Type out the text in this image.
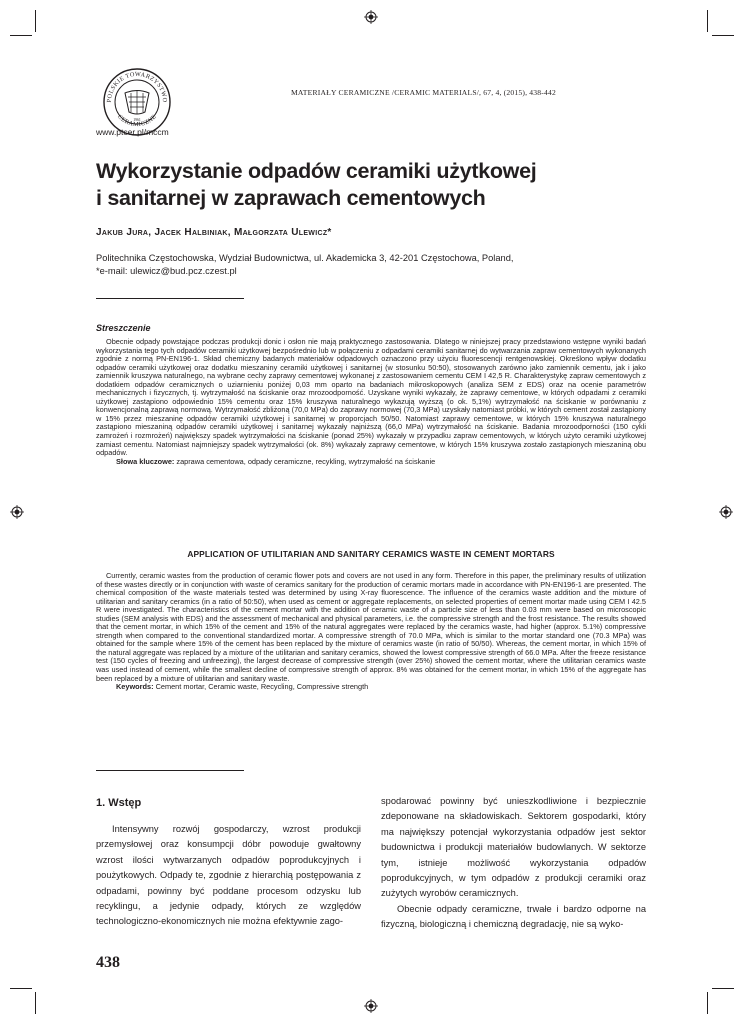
POLSKIE TOWARZYSTWO
CERAMICZNE
1961
www.ptcer.pl/mccm
MATERIAŁY CERAMICZNE /CERAMIC MATERIALS/, 67, 4, (2015), 438-442
Wykorzystanie odpadów ceramiki użytkowej
i sanitarnej w zaprawach cementowych
Jakub Jura, Jacek Halbiniak, Małgorzata Ulewicz*
Politechnika Częstochowska, Wydział Budownictwa, ul. Akademicka 3, 42-201 Częstochowa, Poland,
*e-mail: ulewicz@bud.pcz.czest.pl
Streszczenie

Obecnie odpady powstające podczas produkcji donic i osłon nie mają praktycznego zastosowania. Dlatego w niniejszej pracy przedstawiono wstępne wyniki badań wykorzystania tego tych odpadów ceramiki użytkowej bezpośrednio lub w połączeniu z odpadami ceramiki sanitarnej do wytwarzania zapraw cementowych wykonanych zgodnie z normą PN-EN196-1. Skład chemiczny badanych materiałów odpadowych oznaczono przy użyciu fluorescencji rentgenowskiej. Określono wpływ dodatku odpadów ceramiki użytkowej oraz dodatku mieszaniny ceramiki użytkowej i sanitarnej (w stosunku 50:50), stosowanych zarówno jako zamiennik cementu, jak i jako zamiennik kruszywa naturalnego, na wybrane cechy zaprawy cementowej wykonanej z zastosowaniem cementu CEM I 42,5 R. Charakterystykę zapraw cementowych z dodatkiem odpadów ceramicznych o uziarnieniu poniżej 0,03 mm oparto na badaniach mikroskopowych (analiza SEM z EDS) oraz na ocenie parametrów mechanicznych i fizycznych, tj. wytrzymałość na ściskanie oraz mrozoodporność. Uzyskane wyniki wykazały, że zaprawy cementowe, w których odpadami z ceramiki użytkowej zastąpiono odpowiednio 15% cementu oraz 15% kruszywa naturalnego wykazują wyższą (o ok. 5,1%) wytrzymałość na ściskanie w porównaniu z konwencjonalną zaprawą normową. Wytrzymałość zbliżoną (70,0 MPa) do zaprawy normowej (70,3 MPa) uzyskały natomiast próbki, w których cement został zastąpiony w 15% przez mieszaninę odpadów ceramiki użytkowej i sanitarnej w proporcjach 50/50. Natomiast zaprawy cementowe, w których 15% kruszywa naturalnego zastąpiono mieszaniną odpadów ceramiki użytkowej i sanitarnej wykazały najniższą (66,0 MPa) wytrzymałość na ściskanie. Badania mrozoodporności (150 cykli zamrożeń i rozmrożeń) największy spadek wytrzymałości na ściskanie (ponad 25%) wykazały w przypadku zapraw cementowych, w których użyto ceramiki użytkowej zamiast cementu. Natomiast najmniejszy spadek wytrzymałości (ok. 8%) wykazały zaprawy cementowe, w których 15% kruszywa zostało zastąpionych mieszaniną obu odpadów.

Słowa kluczowe: zaprawa cementowa, odpady ceramiczne, recykling, wytrzymałość na ściskanie

APPLICATION OF UTILITARIAN AND SANITARY CERAMICS WASTE IN CEMENT MORTARS

Currently, ceramic wastes from the production of ceramic flower pots and covers are not used in any form. Therefore in this paper, the preliminary results of utilization of these wastes directly or in conjunction with waste of ceramics sanitary for the production of ceramic mortars made in accordance with PN-EN196-1 are presented. The chemical composition of the waste materials tested was determined by using X-ray fluorescence. The influence of the ceramics waste addition and the mixture of utilitarian and sanitary ceramics (in a ratio of 50:50), when used as cement or aggregate replacements, on selected properties of cement mortar made using CEM I 42.5 R were investigated. The characteristics of the cement mortar with the addition of ceramic waste of a particle size of less than 0.03 mm were based on microscopic studies (SEM analysis with EDS) and the assessment of mechanical and physical parameters, i.e. the compressive strength and the frost resistance. The results showed that the cement mortar, in which 15% of the cement and 15% of the natural aggregates were replaced by the ceramics waste, had higher (approx. 5.1%) compressive strength when compared to the conventional standardized mortar. A compressive strength of 70.0 MPa, which is similar to the mortar standard one (70.3 MPa) was obtained for the sample where 15% of the cement has been replaced by the mixture of ceramics waste (in ratio of 50/50). Whereas, the cement mortar, in which 15% of the natural aggregate was replaced by a mixture of the utilitarian and sanitary ceramics, showed the lowest compressive strength of 66.0 MPa. After the freeze resistance test (150 cycles of freezing and unfreezing), the largest decrease of compressive strength (over 25%) showed the cement mortar, where the utilitarian ceramics waste was used instead of cement, while the smallest decline of compressive strength of approx. 8% was obtained for the cement mortar, in which 15% of the aggregate has been replaced by a mixture of utilitarian and sanitary waste.

Keywords: Cement mortar, Ceramic waste, Recycling, Compressive strength

1. Wstęp

Intensywny rozwój gospodarczy, wzrost produkcji przemysłowej oraz konsumpcji dóbr powoduje gwałtowny wzrost ilości wytwarzanych odpadów poprodukcyjnych i poużytkowych. Odpady te, zgodnie z hierarchią postępowania z odpadami, powinny być poddane procesom odzysku lub recyklingu, a jedynie odpady, których ze względów technologiczno-ekonomicznych nie można efektywnie zago-

spodarować powinny być unieszkodliwione i bezpiecznie zdeponowane na składowiskach. Sektorem gospodarki, który ma największy potencjał wykorzystania odpadów jest sektor budownictwa i produkcji materiałów budowlanych. W sektorze tym, istnieje możliwość wykorzystania odpadów poprodukcyjnych, w tym odpadów z produkcji ceramiki oraz zużytych wyrobów ceramicznych.

Obecnie odpady ceramiczne, trwałe i bardzo odporne na fizyczną, biologiczną i chemiczną degradację, nie są wyko-

438
